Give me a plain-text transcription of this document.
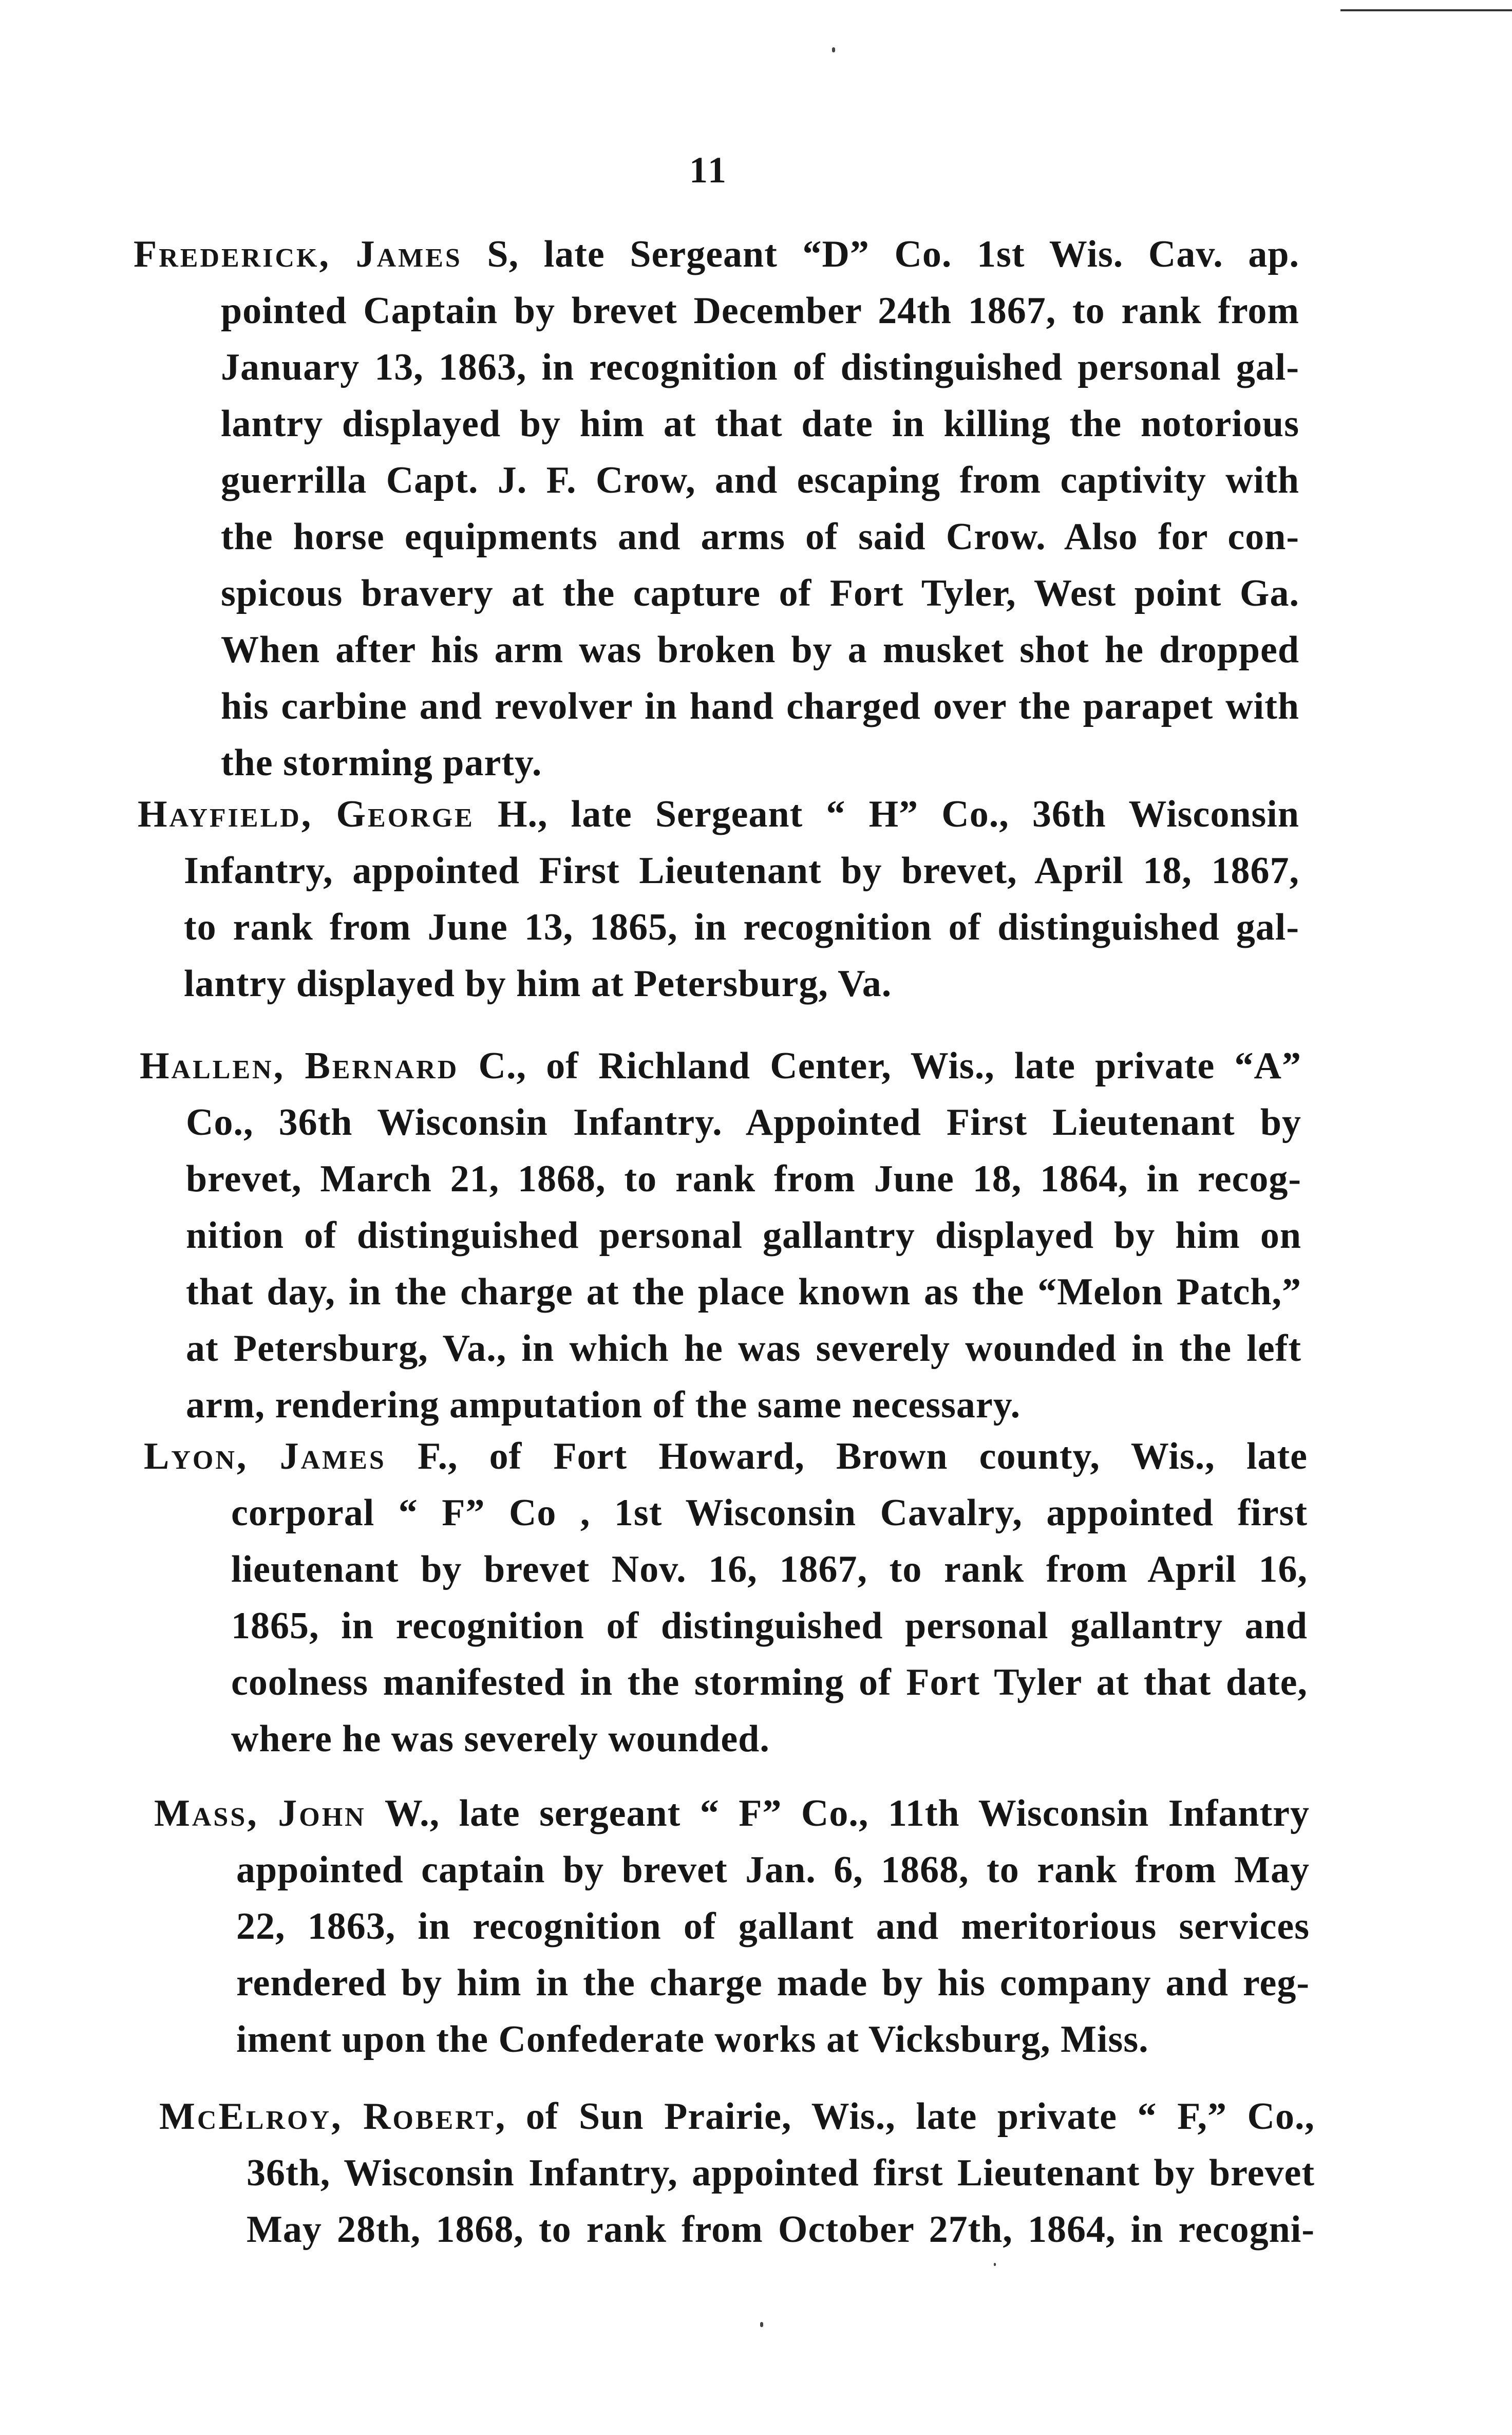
11
Frederick, James S, late Sergeant “D” Co. 1st Wis. Cav. ap.
pointed Captain by brevet December 24th 1867, to rank from
January 13, 1863, in recognition of distinguished personal gal-
lantry displayed by him at that date in killing the notorious
guerrilla Capt. J. F. Crow, and escaping from captivity with
the horse equipments and arms of said Crow. Also for con-
spicous bravery at the capture of Fort Tyler, West point Ga.
When after his arm was broken by a musket shot he dropped
his carbine and revolver in hand charged over the parapet with
the storming party.
Hayfield, George H., late Sergeant “ H” Co., 36th Wisconsin
Infantry, appointed First Lieutenant by brevet, April 18, 1867,
to rank from June 13, 1865, in recognition of distinguished gal-
lantry displayed by him at Petersburg, Va.
Hallen, Bernard C., of Richland Center, Wis., late private “A”
Co., 36th Wisconsin Infantry. Appointed First Lieutenant by
brevet, March 21, 1868, to rank from June 18, 1864, in recog-
nition of distinguished personal gallantry displayed by him on
that day, in the charge at the place known as the “Melon Patch,”
at Petersburg, Va., in which he was severely wounded in the left
arm, rendering amputation of the same necessary.
Lyon, James F., of Fort Howard, Brown county, Wis., late
corporal “ F” Co , 1st Wisconsin Cavalry, appointed first
lieutenant by brevet Nov. 16, 1867, to rank from April 16,
1865, in recognition of distinguished personal gallantry and
coolness manifested in the storming of Fort Tyler at that date,
where he was severely wounded.
Mass, John W., late sergeant “ F” Co., 11th Wisconsin Infantry
appointed captain by brevet Jan. 6, 1868, to rank from May
22, 1863, in recognition of gallant and meritorious services
rendered by him in the charge made by his company and reg-
iment upon the Confederate works at Vicksburg, Miss.
McElroy, Robert, of Sun Prairie, Wis., late private “ F,” Co.,
36th, Wisconsin Infantry, appointed first Lieutenant by brevet
May 28th, 1868, to rank from October 27th, 1864, in recogni-
